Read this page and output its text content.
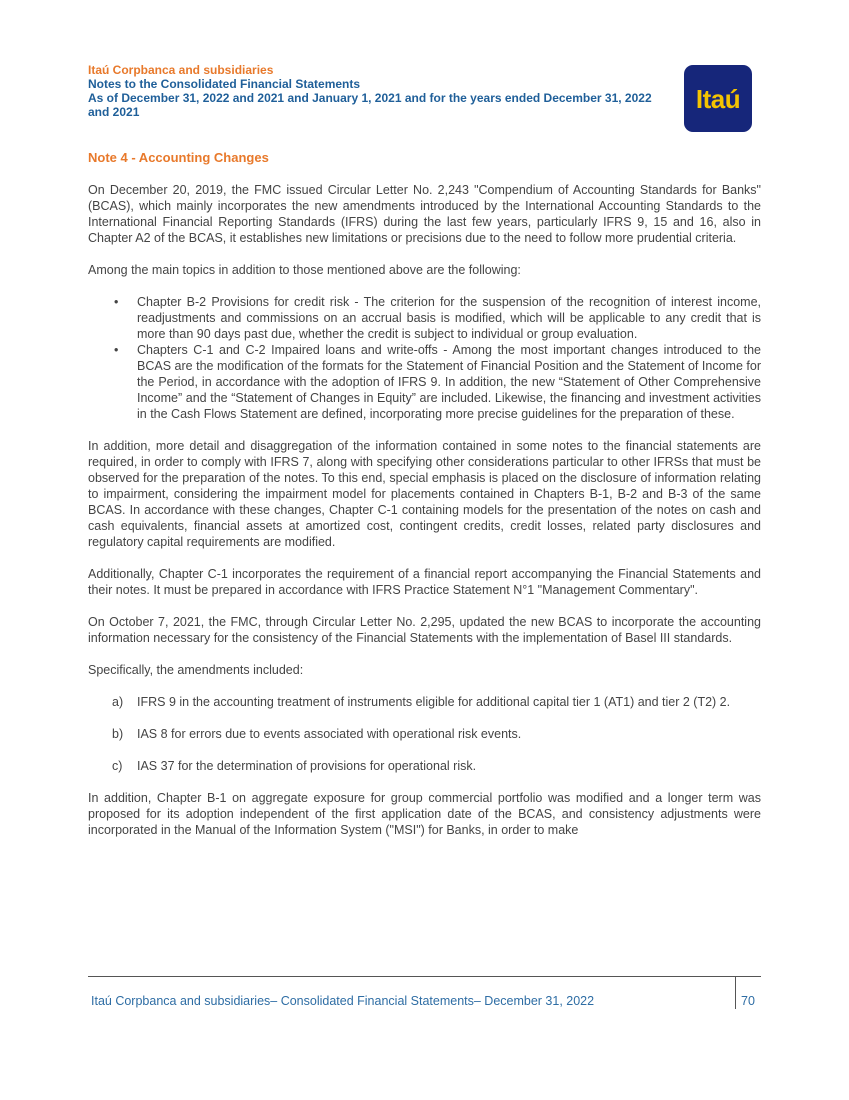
Itaú Corpbanca and subsidiaries
Notes to the Consolidated Financial Statements
As of December 31, 2022 and 2021 and January 1, 2021 and for the years ended December 31, 2022
and 2021	Itaú
Note 4 - Accounting Changes

On December 20, 2019, the FMC issued Circular Letter No. 2,243 "Compendium of Accounting Standards for Banks" (BCAS), which mainly incorporates the new amendments introduced by the International Accounting Standards to the International Financial Reporting Standards (IFRS) during the last few years, particularly IFRS 9, 15 and 16, also in Chapter A2 of the BCAS, it establishes new limitations or precisions due to the need to follow more prudential criteria.

Among the main topics in addition to those mentioned above are the following:

• Chapter B-2 Provisions for credit risk - The criterion for the suspension of the recognition of interest income, readjustments and commissions on an accrual basis is modified, which will be applicable to any credit that is more than 90 days past due, whether the credit is subject to individual or group evaluation.
• Chapters C-1 and C-2 Impaired loans and write-offs - Among the most important changes introduced to the BCAS are the modification of the formats for the Statement of Financial Position and the Statement of Income for the Period, in accordance with the adoption of IFRS 9. In addition, the new “Statement of Other Comprehensive Income” and the “Statement of Changes in Equity” are included. Likewise, the financing and investment activities in the Cash Flows Statement are defined, incorporating more precise guidelines for the preparation of these.

In addition, more detail and disaggregation of the information contained in some notes to the financial statements are required, in order to comply with IFRS 7, along with specifying other considerations particular to other IFRSs that must be observed for the preparation of the notes. To this end, special emphasis is placed on the disclosure of information relating to impairment, considering the impairment model for placements contained in Chapters B-1, B-2 and B-3 of the same BCAS. In accordance with these changes, Chapter C-1 containing models for the presentation of the notes on cash and cash equivalents, financial assets at amortized cost, contingent credits, credit losses, related party disclosures and regulatory capital requirements are modified.

Additionally, Chapter C-1 incorporates the requirement of a financial report accompanying the Financial Statements and their notes. It must be prepared in accordance with IFRS Practice Statement N°1 "Management Commentary".

On October 7, 2021, the FMC, through Circular Letter No. 2,295, updated the new BCAS to incorporate the accounting information necessary for the consistency of the Financial Statements with the implementation of Basel III standards.

Specifically, the amendments included:

a) IFRS 9 in the accounting treatment of instruments eligible for additional capital tier 1 (AT1) and tier 2 (T2) 2.
b) IAS 8 for errors due to events associated with operational risk events.
c) IAS 37 for the determination of provisions for operational risk.

In addition, Chapter B-1 on aggregate exposure for group commercial portfolio was modified and a longer term was proposed for its adoption independent of the first application date of the BCAS, and consistency adjustments were incorporated in the Manual of the Information System ("MSI") for Banks, in order to make

Itaú Corpbanca and subsidiaries– Consolidated Financial Statements– December 31, 2022	70
